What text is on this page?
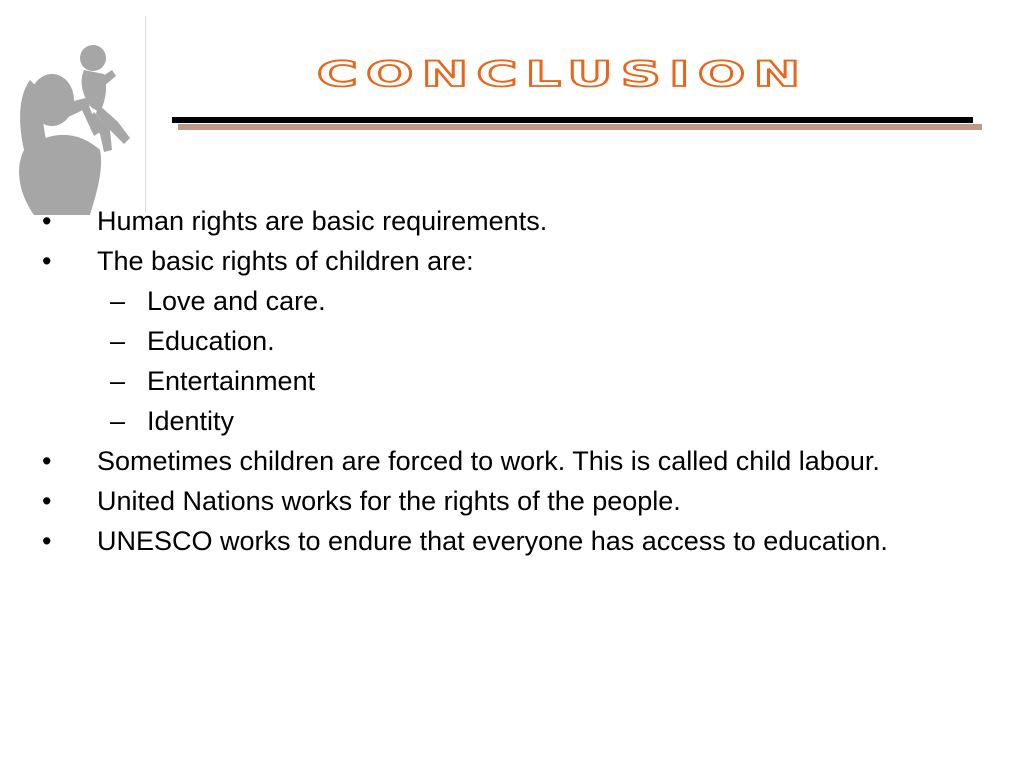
CONCLUSION
• Human rights are basic requirements.
• The basic rights of children are:
– Love and care.
– Education.
– Entertainment
– Identity
• Sometimes children are forced to work. This is called child labour.
• United Nations works for the rights of the people.
• UNESCO works to endure that everyone has access to education.
